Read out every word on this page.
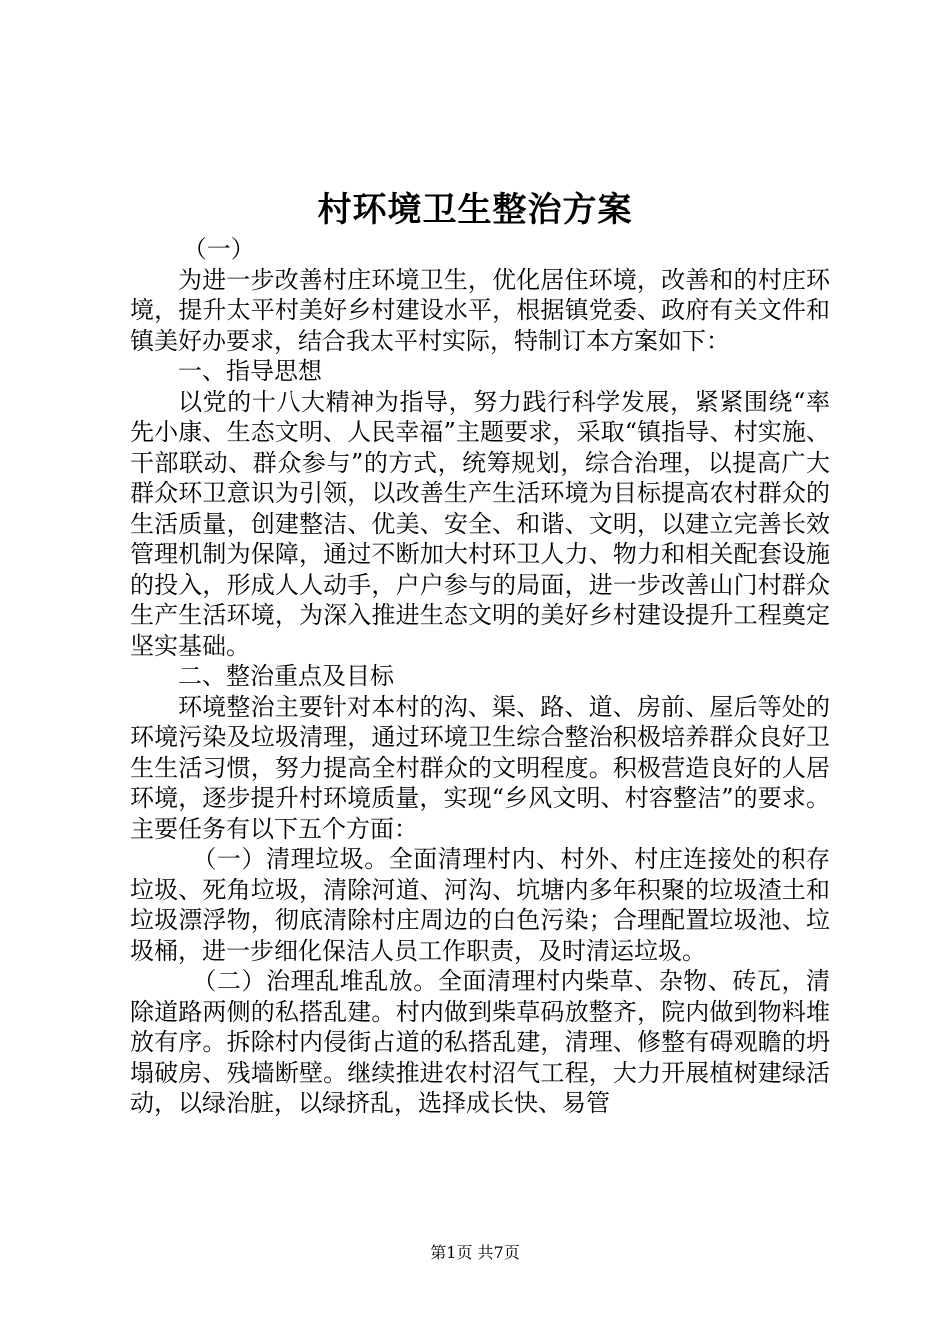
村环境卫生整治方案

（一）

为进一步改善村庄环境卫生，优化居住环境，改善和的村庄环境，提升太平村美好乡村建设水平，根据镇党委、政府有关文件和镇美好办要求，结合我太平村实际，特制订本方案如下：

一、指导思想

以党的十八大精神为指导，努力践行科学发展，紧紧围绕“率先小康、生态文明、人民幸福”主题要求，采取“镇指导、村实施、干部联动、群众参与”的方式，统筹规划，综合治理，以提高广大群众环卫意识为引领，以改善生产生活环境为目标提高农村群众的生活质量，创建整洁、优美、安全、和谐、文明，以建立完善长效管理机制为保障，通过不断加大村环卫人力、物力和相关配套设施的投入，形成人人动手，户户参与的局面，进一步改善山门村群众生产生活环境，为深入推进生态文明的美好乡村建设提升工程奠定坚实基础。

二、整治重点及目标

环境整治主要针对本村的沟、渠、路、道、房前、屋后等处的环境污染及垃圾清理，通过环境卫生综合整治积极培养群众良好卫生生活习惯，努力提高全村群众的文明程度。积极营造良好的人居环境，逐步提升村环境质量，实现“乡风文明、村容整洁”的要求。主要任务有以下五个方面：

（一）清理垃圾。全面清理村内、村外、村庄连接处的积存垃圾、死角垃圾，清除河道、河沟、坑塘内多年积聚的垃圾渣土和垃圾漂浮物，彻底清除村庄周边的白色污染；合理配置垃圾池、垃圾桶，进一步细化保洁人员工作职责，及时清运垃圾。

（二）治理乱堆乱放。全面清理村内柴草、杂物、砖瓦，清除道路两侧的私搭乱建。村内做到柴草码放整齐，院内做到物料堆放有序。拆除村内侵街占道的私搭乱建，清理、修整有碍观瞻的坍塌破房、残墙断壁。继续推进农村沼气工程，大力开展植树建绿活动，以绿治脏，以绿挤乱，选择成长快、易管

第1页 共7页
